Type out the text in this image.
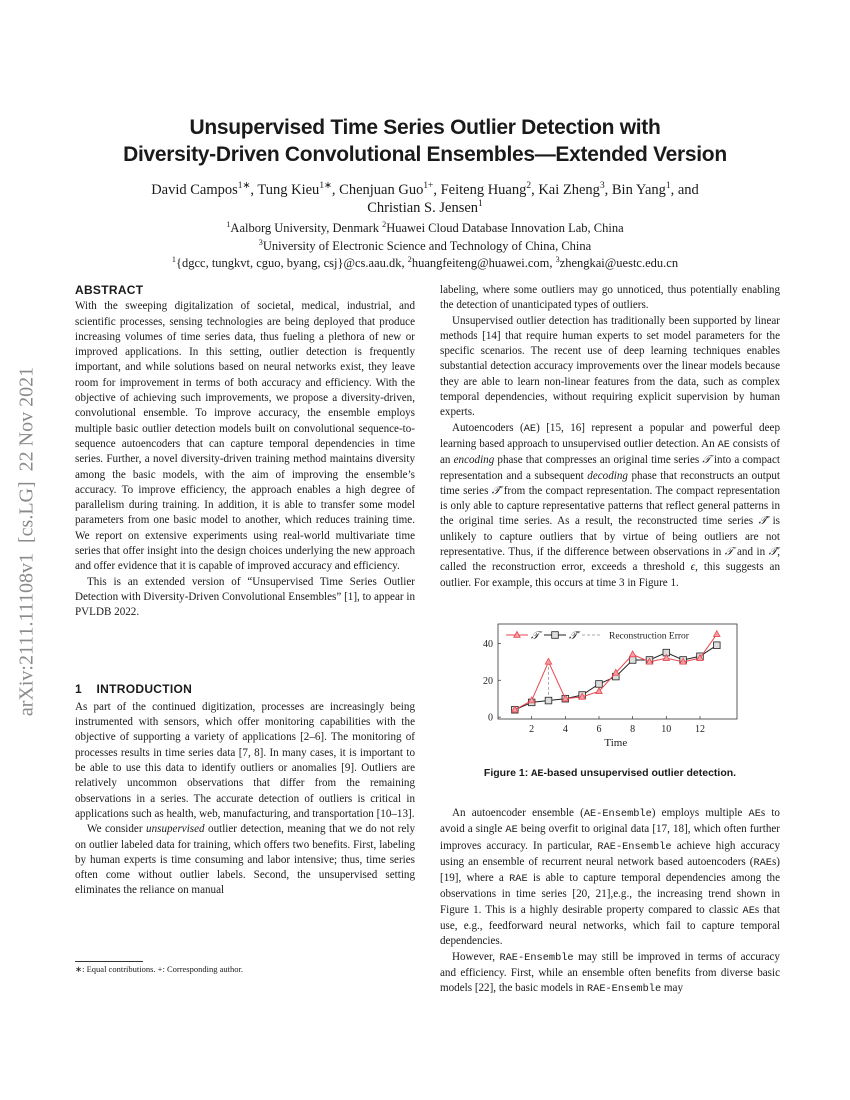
arXiv:2111.11108v1  [cs.LG]  22 Nov 2021
Unsupervised Time Series Outlier Detection with
Diversity-Driven Convolutional Ensembles—Extended Version
David Campos$^{1∗}$, Tung Kieu$^{1∗}$, Chenjuan Guo$^{1+}$, Feiteng Huang$^2$, Kai Zheng$^3$, Bin Yang$^1$, and
Christian S. Jensen$^1$
$^1$Aalborg University, Denmark $^2$Huawei Cloud Database Innovation Lab, China
$^3$University of Electronic Science and Technology of China, China
$^1${dgcc, tungkvt, cguo, byang, csj}@cs.aau.dk, $^2$huangfeiteng@huawei.com, $^3$zhengkai@uestc.edu.cn
ABSTRACT

With the sweeping digitalization of societal, medical, industrial, and scientific processes, sensing technologies are being deployed that produce increasing volumes of time series data, thus fueling a plethora of new or improved applications. In this setting, outlier detection is frequently important, and while solutions based on neural networks exist, they leave room for improvement in terms of both accuracy and efficiency. With the objective of achieving such improvements, we propose a diversity-driven, convolutional ensemble. To improve accuracy, the ensemble employs multiple basic outlier detection models built on convolutional sequence-to-sequence autoencoders that can capture temporal dependencies in time series. Further, a novel diversity-driven training method maintains diversity among the basic models, with the aim of improving the ensemble’s accuracy. To improve efficiency, the approach enables a high degree of parallelism during training. In addition, it is able to transfer some model parameters from one basic model to another, which reduces training time. We report on extensive experiments using real-world multivariate time series that offer insight into the design choices underlying the new approach and offer evidence that it is capable of improved accuracy and efficiency.

This is an extended version of “Unsupervised Time Series Outlier Detection with Diversity-Driven Convolutional Ensembles” [1], to appear in PVLDB 2022.

1 INTRODUCTION

As part of the continued digitization, processes are increasingly being instrumented with sensors, which offer monitoring capabilities with the objective of supporting a variety of applications [2–6]. The monitoring of processes results in time series data [7, 8]. In many cases, it is important to be able to use this data to identify outliers or anomalies [9]. Outliers are relatively uncommon observations that differ from the remaining observations in a series. The accurate detection of outliers is critical in applications such as health, web, manufacturing, and transportation [10–13].

We consider unsupervised outlier detection, meaning that we do not rely on outlier labeled data for training, which offers two benefits. First, labeling by human experts is time consuming and labor intensive; thus, time series often come without outlier labels. Second, the unsupervised setting eliminates the reliance on manual

∗: Equal contributions. +: Corresponding author.

labeling, where some outliers may go unnoticed, thus potentially enabling the detection of unanticipated types of outliers.

Unsupervised outlier detection has traditionally been supported by linear methods [14] that require human experts to set model parameters for the specific scenarios. The recent use of deep learning techniques enables substantial detection accuracy improvements over the linear models because they are able to learn non-linear features from the data, such as complex temporal dependencies, without requiring explicit supervision by human experts.

Autoencoders (AE) [15, 16] represent a popular and powerful deep learning based approach to unsupervised outlier detection. An AE consists of an encoding phase that compresses an original time series 𝒯 into a compact representation and a subsequent decoding phase that reconstructs an output time series 𝒯̂ from the compact representation. The compact representation is only able to capture representative patterns that reflect general patterns in the original time series. As a result, the reconstructed time series 𝒯̂ is unlikely to capture outliers that by virtue of being outliers are not representative. Thus, if the difference between observations in 𝒯 and in 𝒯̂, called the reconstruction error, exceeds a threshold ϵ, this suggests an outlier. For example, this occurs at time 3 in Figure 1.

2	4	6	8	10 12
0
20
40
Time
𝒯	𝒯̂	Reconstruction Error
Figure 1: AE-based unsupervised outlier detection.

An autoencoder ensemble (AE-Ensemble) employs multiple AEs to avoid a single AE being overfit to original data [17, 18], which often further improves accuracy. In particular, RAE-Ensemble achieve high accuracy using an ensemble of recurrent neural network based autoencoders (RAEs) [19], where a RAE is able to capture temporal dependencies among the observations in time series [20, 21],e.g., the increasing trend shown in Figure 1. This is a highly desirable property compared to classic AEs that use, e.g., feedforward neural networks, which fail to capture temporal dependencies.

However, RAE-Ensemble may still be improved in terms of accuracy and efficiency. First, while an ensemble often benefits from diverse basic models [22], the basic models in RAE-Ensemble may
